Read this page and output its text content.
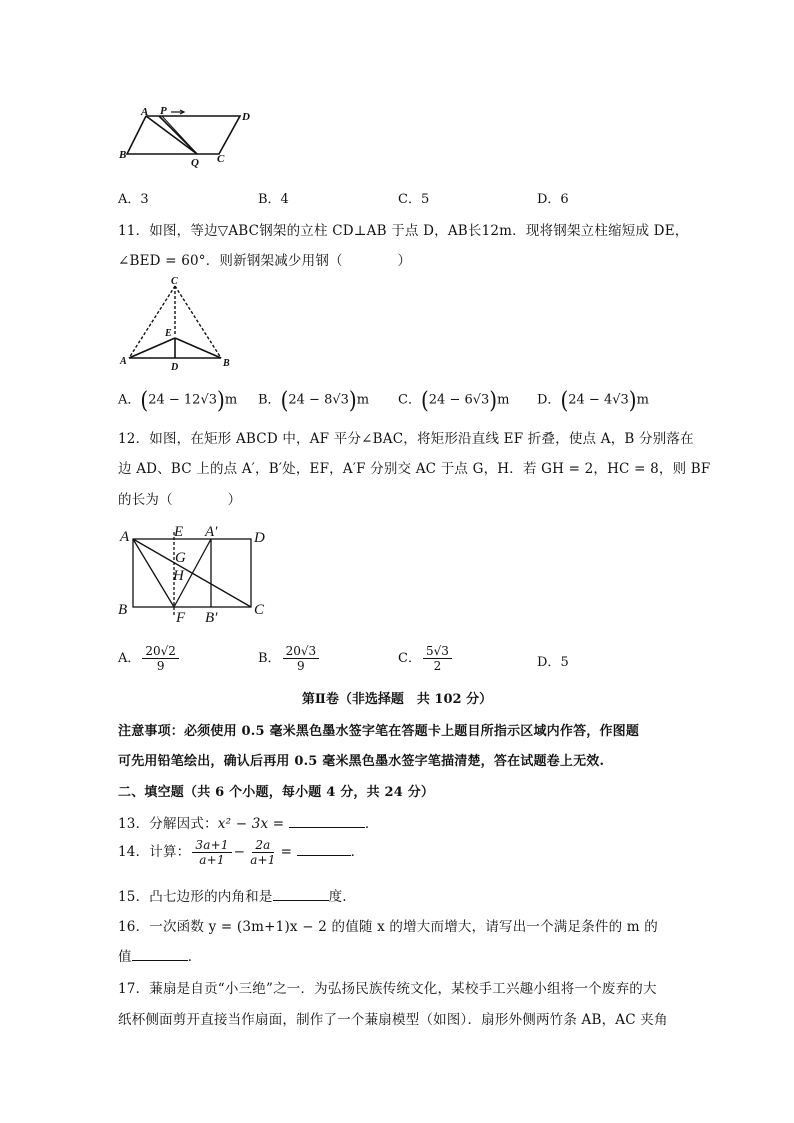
A P	D
B
Q C
A．3	B．4	C．5	D．6
11．如图，等边▽ABC钢架的立柱 CD⊥AB 于点 D，AB长12m．现将钢架立柱缩短成 DE，
∠BED = 60°．则新钢架减少用钢（　　　　）
C
E
A
D	B
A．(24 − 12√3)m B．(24 − 8√3)m C．(24 − 6√3)m D．(24 − 4√3)m
12．如图，在矩形 ABCD 中，AF 平分∠BAC，将矩形沿直线 EF 折叠，使点 A，B 分别落在
边 AD、BC 上的点 A′，B′处，EF，A′F 分别交 AC 于点 G，H．若 GH = 2，HC = 8，则 BF
的长为（　　　　）
A	E A′ D
G
H
B	F B′ C
A． $\frac{20√2}{9}$	B． $\frac{20√3}{9}$	C． $\frac{5√3}{2}$	D．5
第Ⅱ卷（非选择题　共 102 分）
注意事项：必须使用 0.5 毫米黑色墨水签字笔在答题卡上题目所指示区域内作答，作图题
可先用铅笔绘出，确认后再用 0.5 毫米黑色墨水签字笔描清楚，答在试题卷上无效.
二、填空题（共 6 个小题，每小题 4 分，共 24 分）
13．分解因式：x² − 3x =	．
14．计算： $\frac{3a+1}{a+1} - \frac{2a}{a+1}$ =	．
15．凸七边形的内角和是	度.
16．一次函数 y = (3m+1)x − 2 的值随 x 的增大而增大，请写出一个满足条件的 m 的
值	．
17．蒹扇是自贡“小三绝”之一．为弘扬民族传统文化，某校手工兴趣小组将一个废弃的大
纸杯侧面剪开直接当作扇面，制作了一个蒹扇模型（如图）．扇形外侧两竹条 AB，AC 夹角
